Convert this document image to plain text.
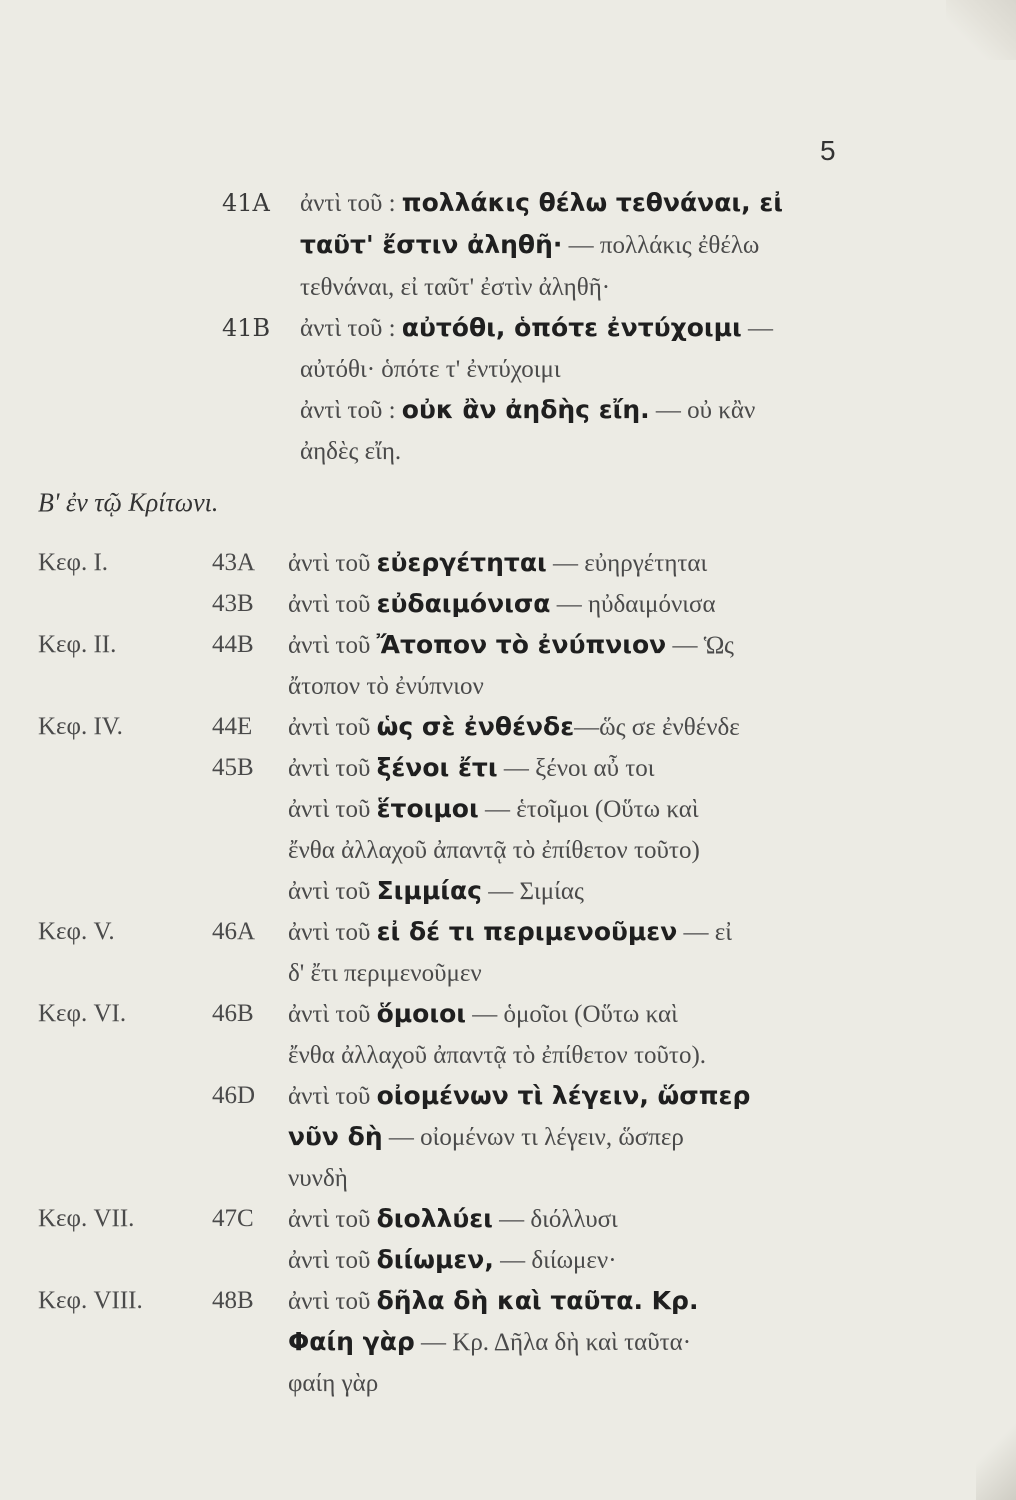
5
41A ἀντὶ τοῦ : πολλάκις θέλω τεθνάναι, εἰ
ταῦτ' ἔστιν ἀληθῆ· — πολλάκις ἐθέλω
τεθνάναι, εἰ ταῦτ' ἐστὶν ἀληθῆ·
41B ἀντὶ τοῦ : αὐτόθι, ὁπότε ἐντύχοιμι —
αὐτόθι· ὁπότε τ' ἐντύχοιμι
ἀντὶ τοῦ : οὐκ ἂν ἀηδὴς εἴη. — οὐ κἂν
ἀηδὲς εἴη.
Β' ἐν τῷ Κρίτωνι.
Κεφ. Ι.	43Α ἀντὶ τοῦ εὐεργέτηται — εὐηργέτηται
43Β ἀντὶ τοῦ εὐδαιμόνισα — ηὐδαιμόνισα
Κεφ. ΙΙ.	44Β ἀντὶ τοῦ Ἄτοπον τὸ ἐνύπνιον — Ὡς
ἄτοπον τὸ ἐνύπνιον
Κεφ. ΙV.	44Ε ἀντὶ τοῦ ὡς σὲ ἐνθένδε—ὥς σε ἐνθένδε
45Β ἀντὶ τοῦ ξένοι ἔτι — ξένοι αὖ τοι
ἀντὶ τοῦ ἕτοιμοι — ἑτοῖμοι (Οὕτω καὶ
ἔνθα ἀλλαχοῦ ἀπαντᾷ τὸ ἐπίθετον τοῦτο)
ἀντὶ τοῦ Σιμμίας — Σιμίας
Κεφ. V.	46Α ἀντὶ τοῦ εἰ δέ τι περιμενοῦμεν — εἰ
δ' ἔτι περιμενοῦμεν
Κεφ. VΙ.	46Β ἀντὶ τοῦ ὅμοιοι — ὁμοῖοι (Οὕτω καὶ
ἔνθα ἀλλαχοῦ ἀπαντᾷ τὸ ἐπίθετον τοῦτο).
46D ἀντὶ τοῦ οἰομένων τὶ λέγειν, ὥσπερ
νῦν δὴ — οἰομένων τι λέγειν, ὥσπερ
νυνδὴ
Κεφ. VΙΙ.	47C ἀντὶ τοῦ διολλύει — διόλλυσι
ἀντὶ τοῦ διίωμεν, — διίωμεν·
Κεφ. VΙΙΙ.	48Β ἀντὶ τοῦ δῆλα δὴ καὶ ταῦτα. Κρ.
Φαίη γὰρ — Κρ. Δῆλα δὴ καὶ ταῦτα·
φαίη γὰρ
